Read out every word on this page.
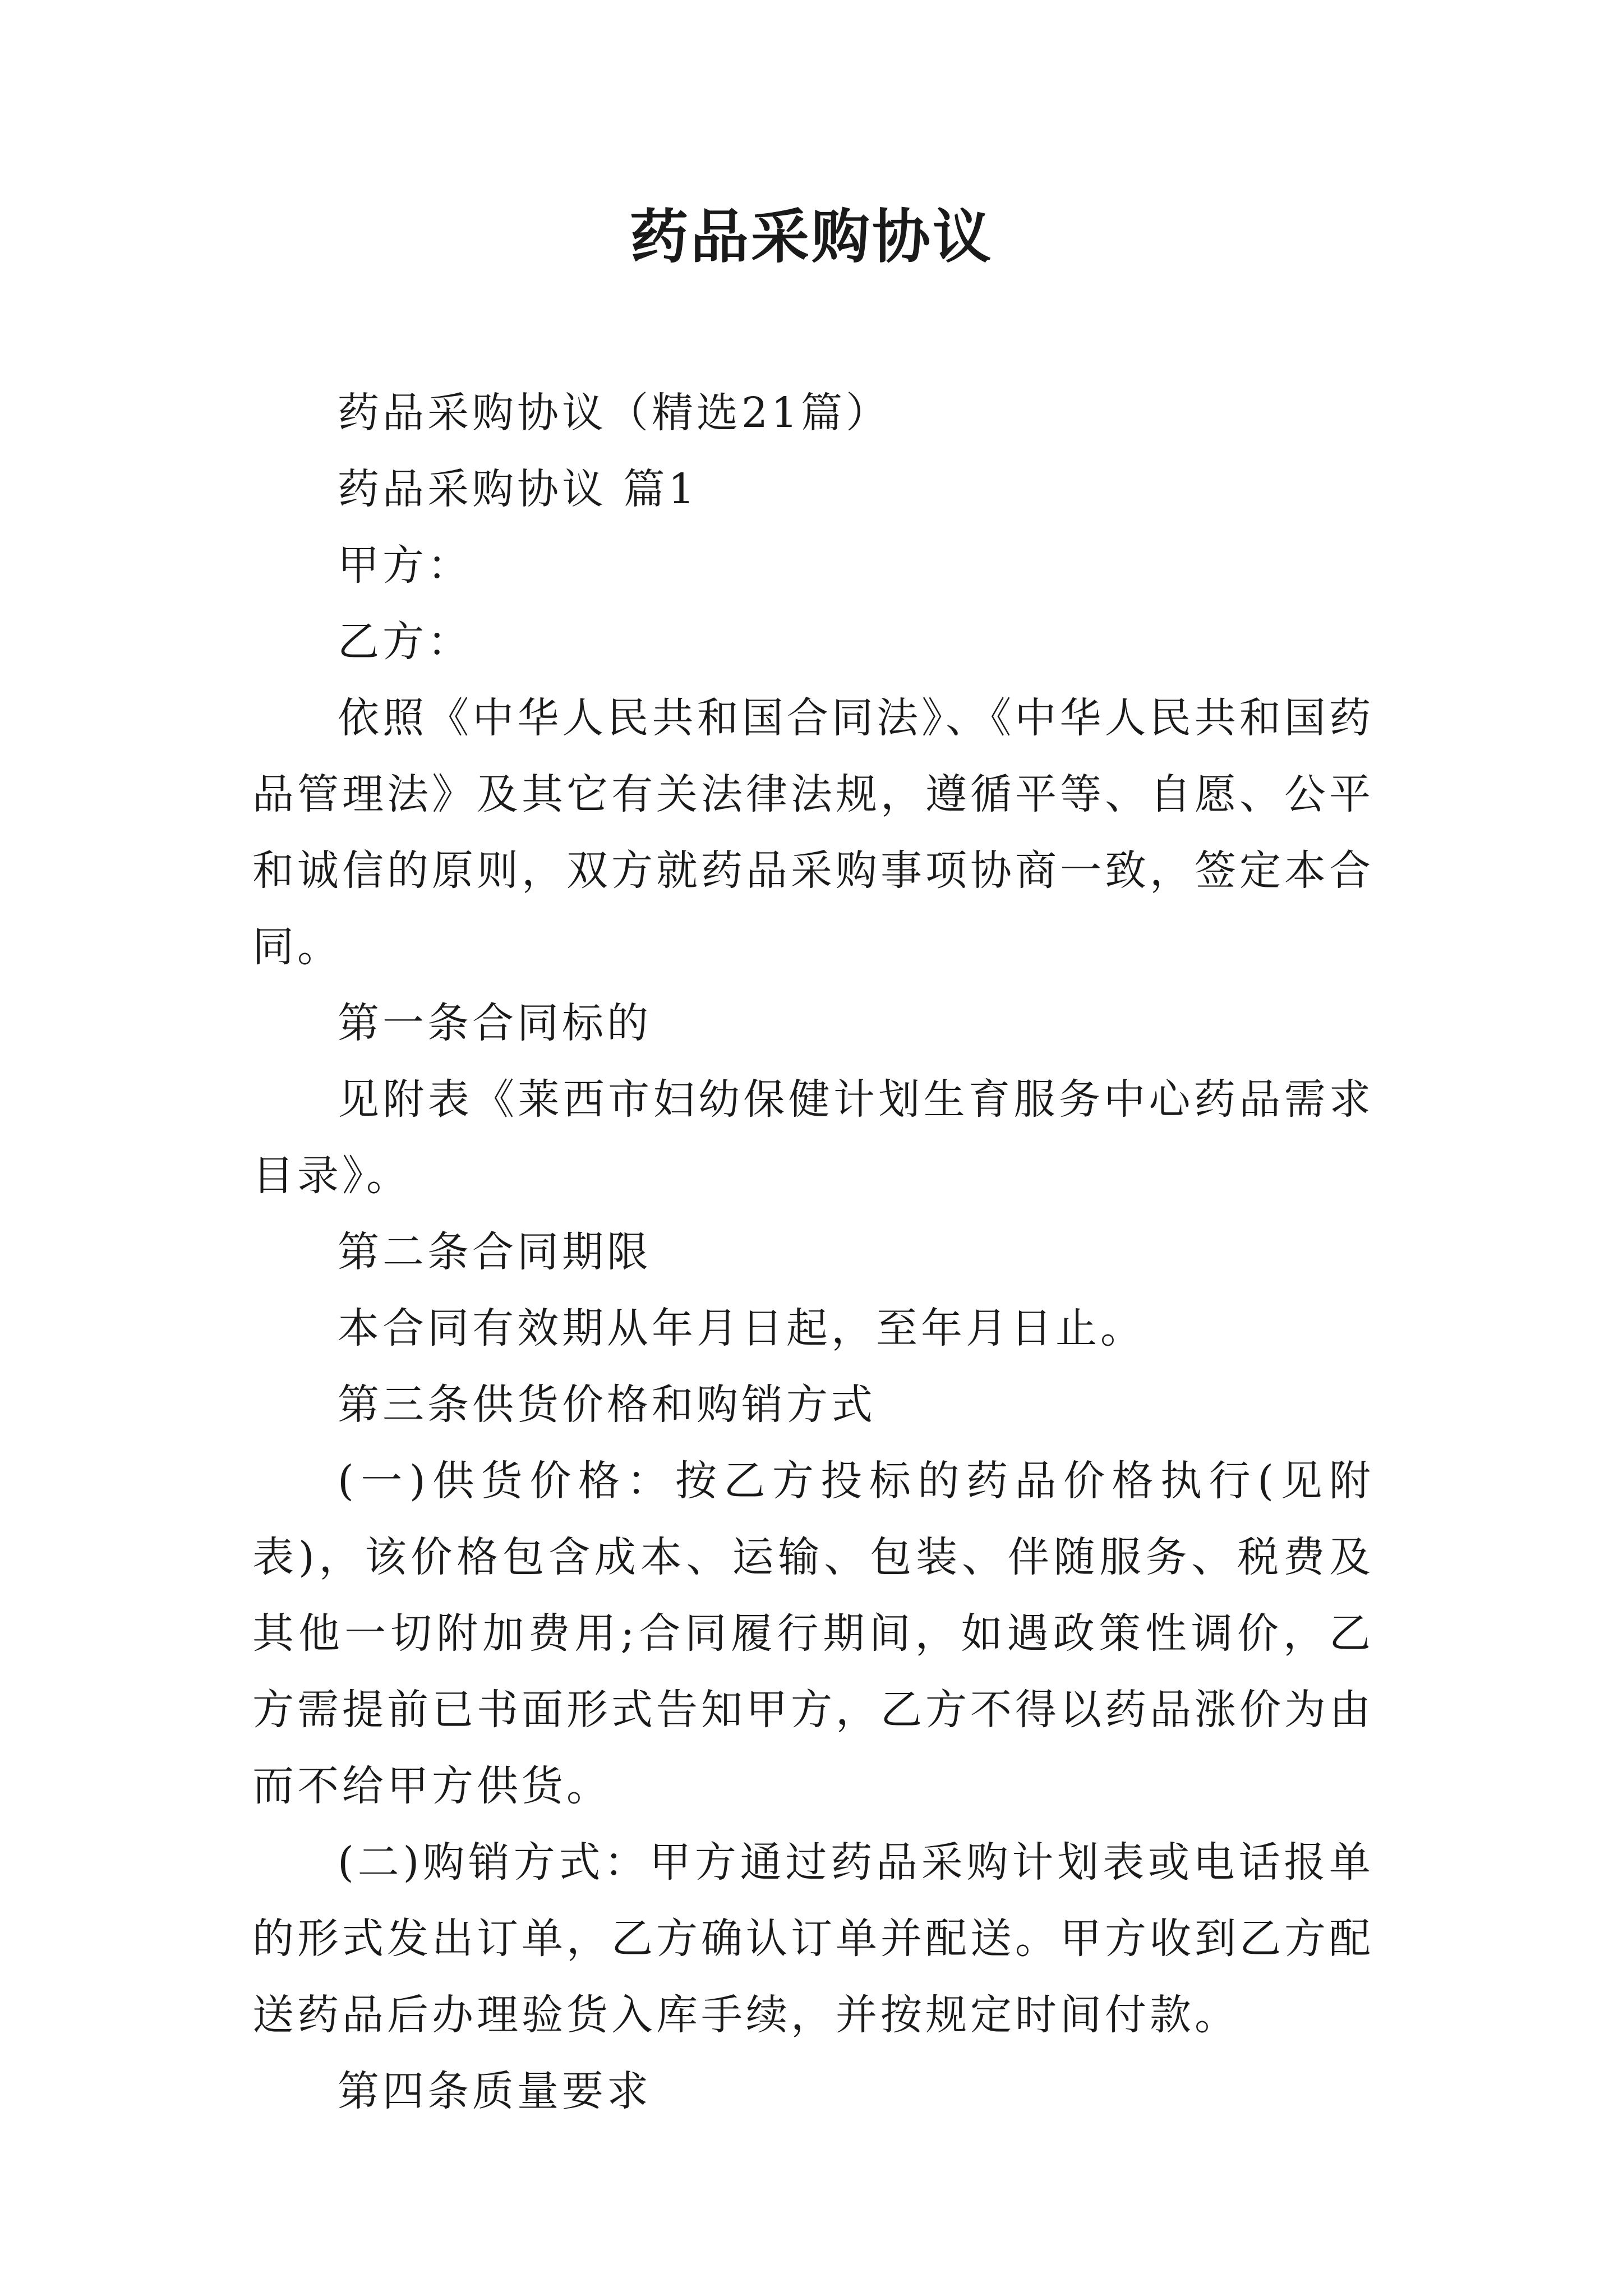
药品采购协议

药品采购协议（精选21篇）

药品采购协议 篇1

甲方：

乙方：

依照《中华人民共和国合同法》、《中华人民共和国药品管理法》及其它有关法律法规，遵循平等、自愿、公平和诚信的原则，双方就药品采购事项协商一致，签定本合同。

第一条合同标的

见附表《莱西市妇幼保健计划生育服务中心药品需求目录》。

第二条合同期限

本合同有效期从年月日起，至年月日止。

第三条供货价格和购销方式

(一)供货价格：按乙方投标的药品价格执行(见附表)，该价格包含成本、运输、包装、伴随服务、税费及其他一切附加费用;合同履行期间，如遇政策性调价，乙方需提前已书面形式告知甲方，乙方不得以药品涨价为由而不给甲方供货。

(二)购销方式：甲方通过药品采购计划表或电话报单的形式发出订单，乙方确认订单并配送。甲方收到乙方配送药品后办理验货入库手续，并按规定时间付款。

第四条质量要求
